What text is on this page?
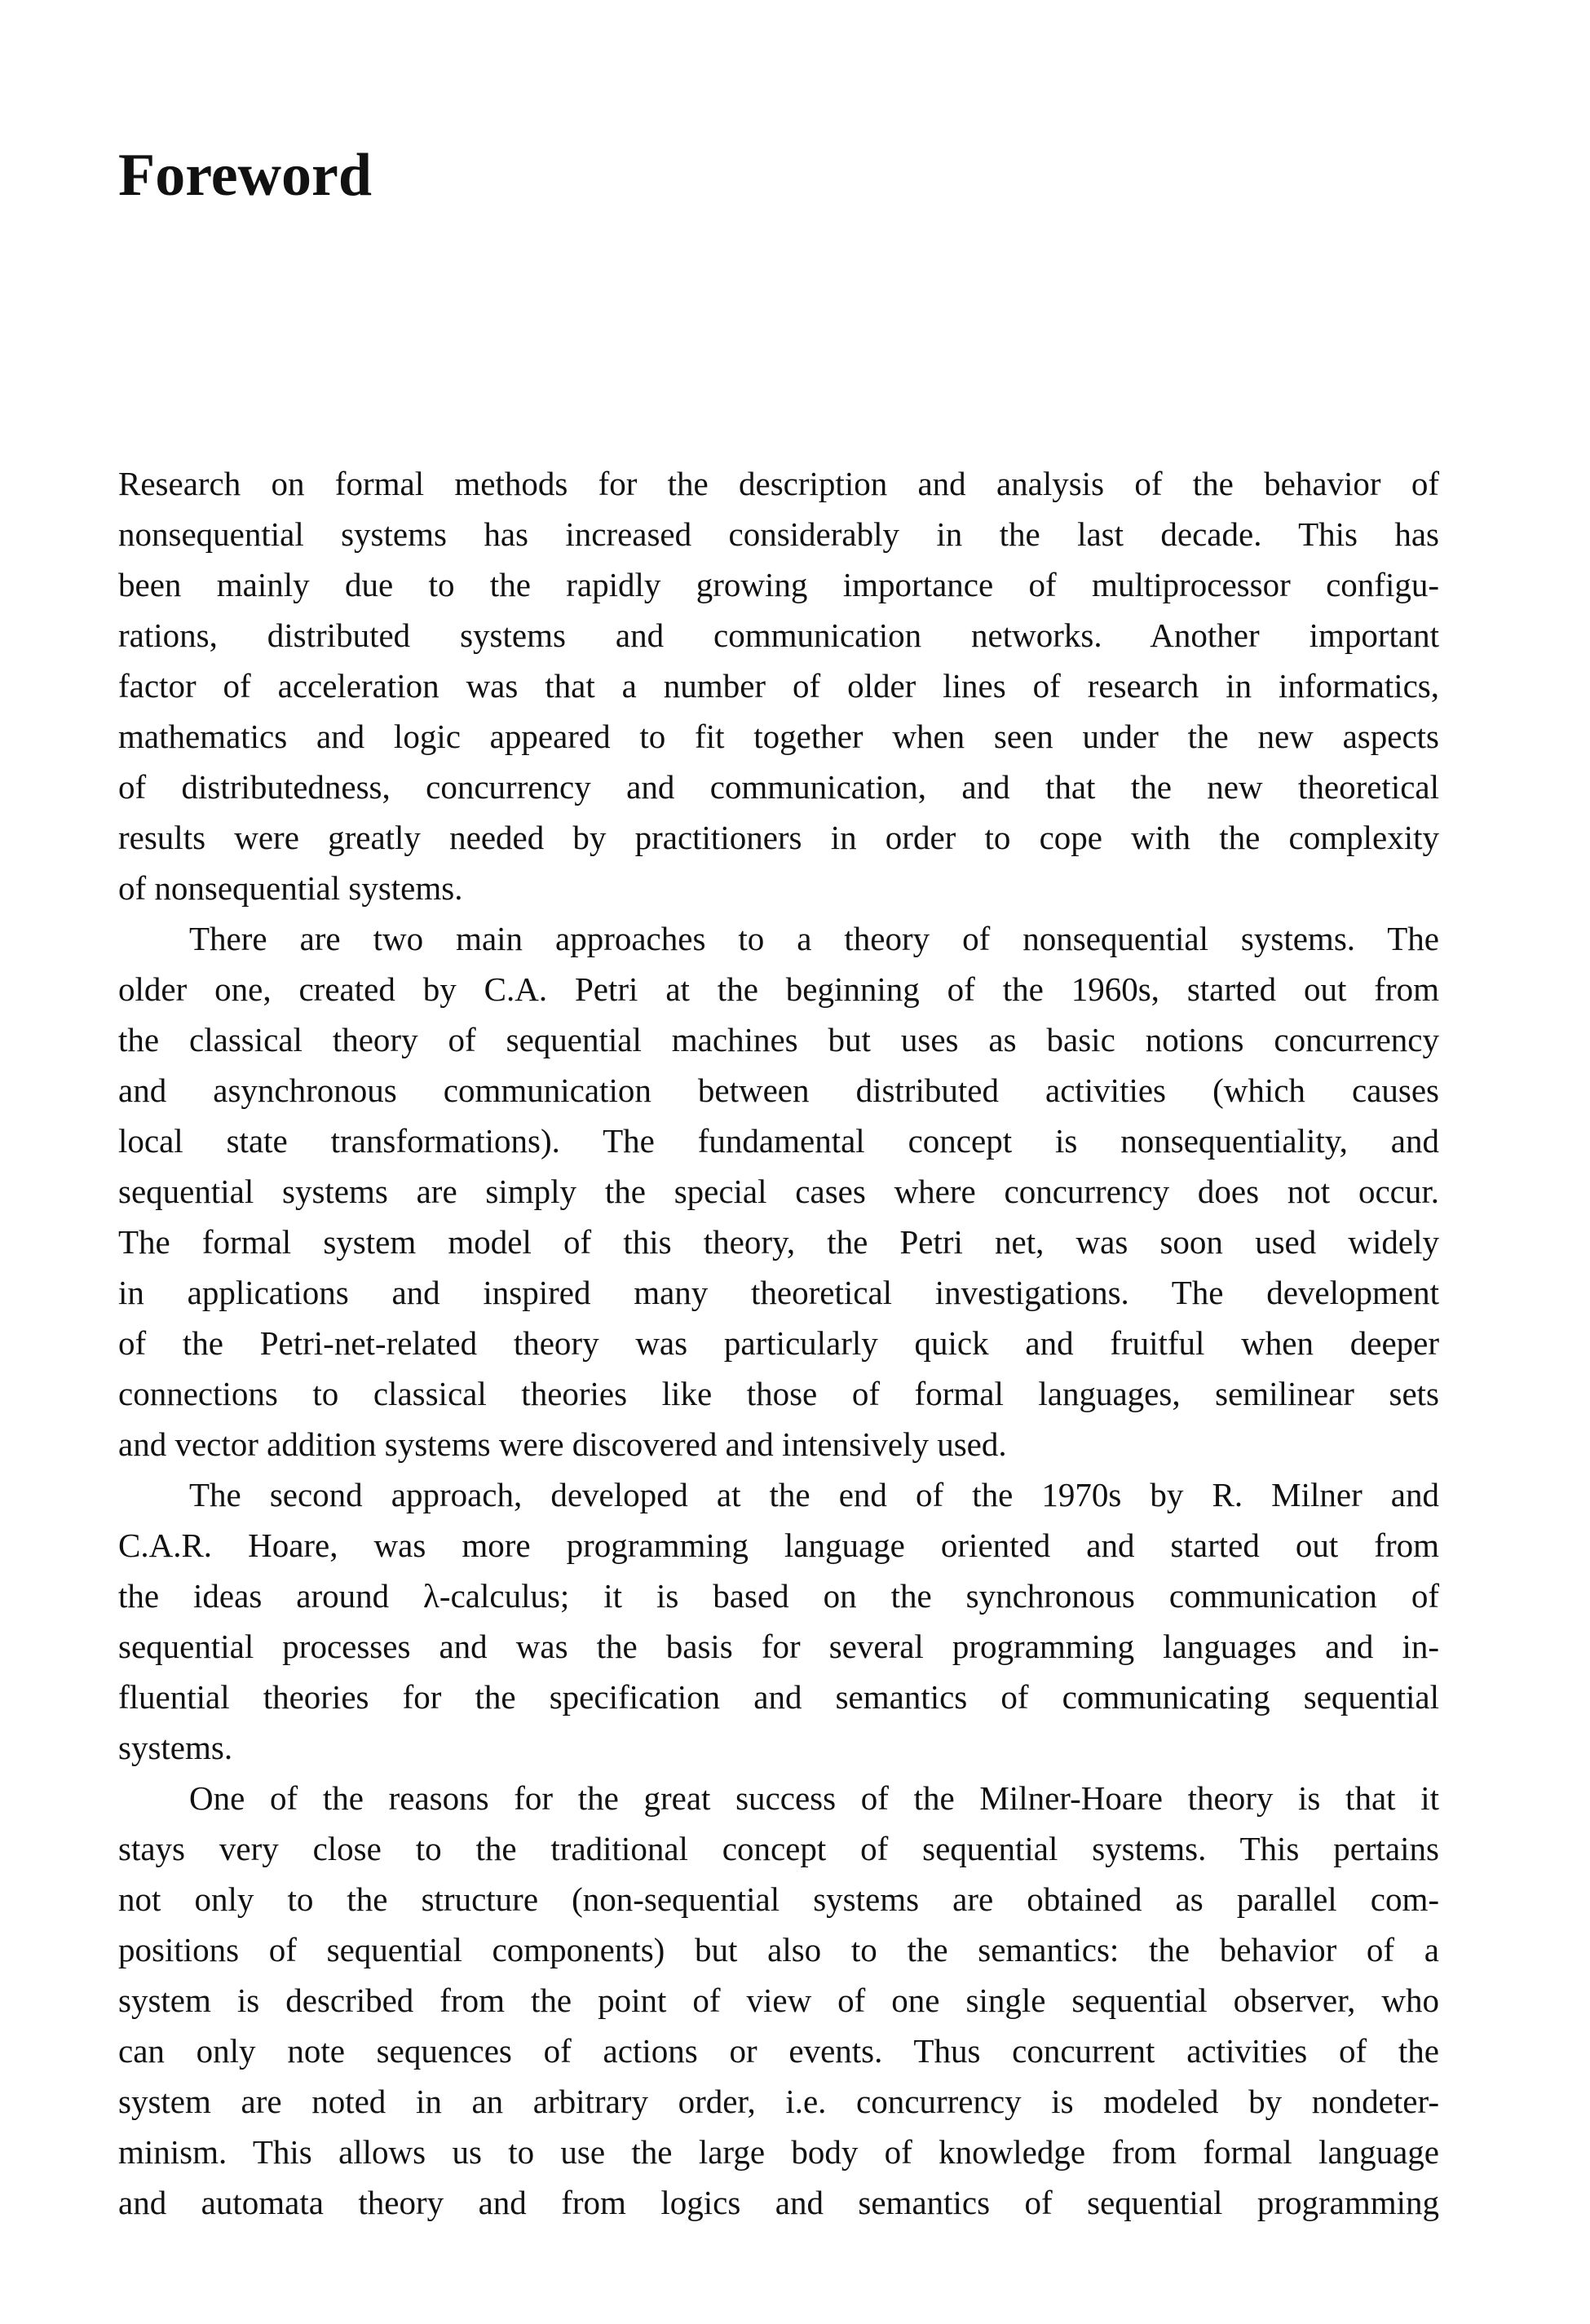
Foreword
Research on formal methods for the description and analysis of the behavior of
nonsequential systems has increased considerably in the last decade. This has
been mainly due to the rapidly growing importance of multiprocessor configu-
rations, distributed systems and communication networks. Another important
factor of acceleration was that a number of older lines of research in informatics,
mathematics and logic appeared to fit together when seen under the new aspects
of distributedness, concurrency and communication, and that the new theoretical
results were greatly needed by practitioners in order to cope with the complexity
of nonsequential systems.
There are two main approaches to a theory of nonsequential systems. The
older one, created by C.A. Petri at the beginning of the 1960s, started out from
the classical theory of sequential machines but uses as basic notions concurrency
and asynchronous communication between distributed activities (which causes
local state transformations). The fundamental concept is nonsequentiality, and
sequential systems are simply the special cases where concurrency does not occur.
The formal system model of this theory, the Petri net, was soon used widely
in applications and inspired many theoretical investigations. The development
of the Petri-net-related theory was particularly quick and fruitful when deeper
connections to classical theories like those of formal languages, semilinear sets
and vector addition systems were discovered and intensively used.
The second approach, developed at the end of the 1970s by R. Milner and
C.A.R. Hoare, was more programming language oriented and started out from
the ideas around λ-calculus; it is based on the synchronous communication of
sequential processes and was the basis for several programming languages and in-
fluential theories for the specification and semantics of communicating sequential
systems.
One of the reasons for the great success of the Milner-Hoare theory is that it
stays very close to the traditional concept of sequential systems. This pertains
not only to the structure (non-sequential systems are obtained as parallel com-
positions of sequential components) but also to the semantics: the behavior of a
system is described from the point of view of one single sequential observer, who
can only note sequences of actions or events. Thus concurrent activities of the
system are noted in an arbitrary order, i.e. concurrency is modeled by nondeter-
minism. This allows us to use the large body of knowledge from formal language
and automata theory and from logics and semantics of sequential programming
